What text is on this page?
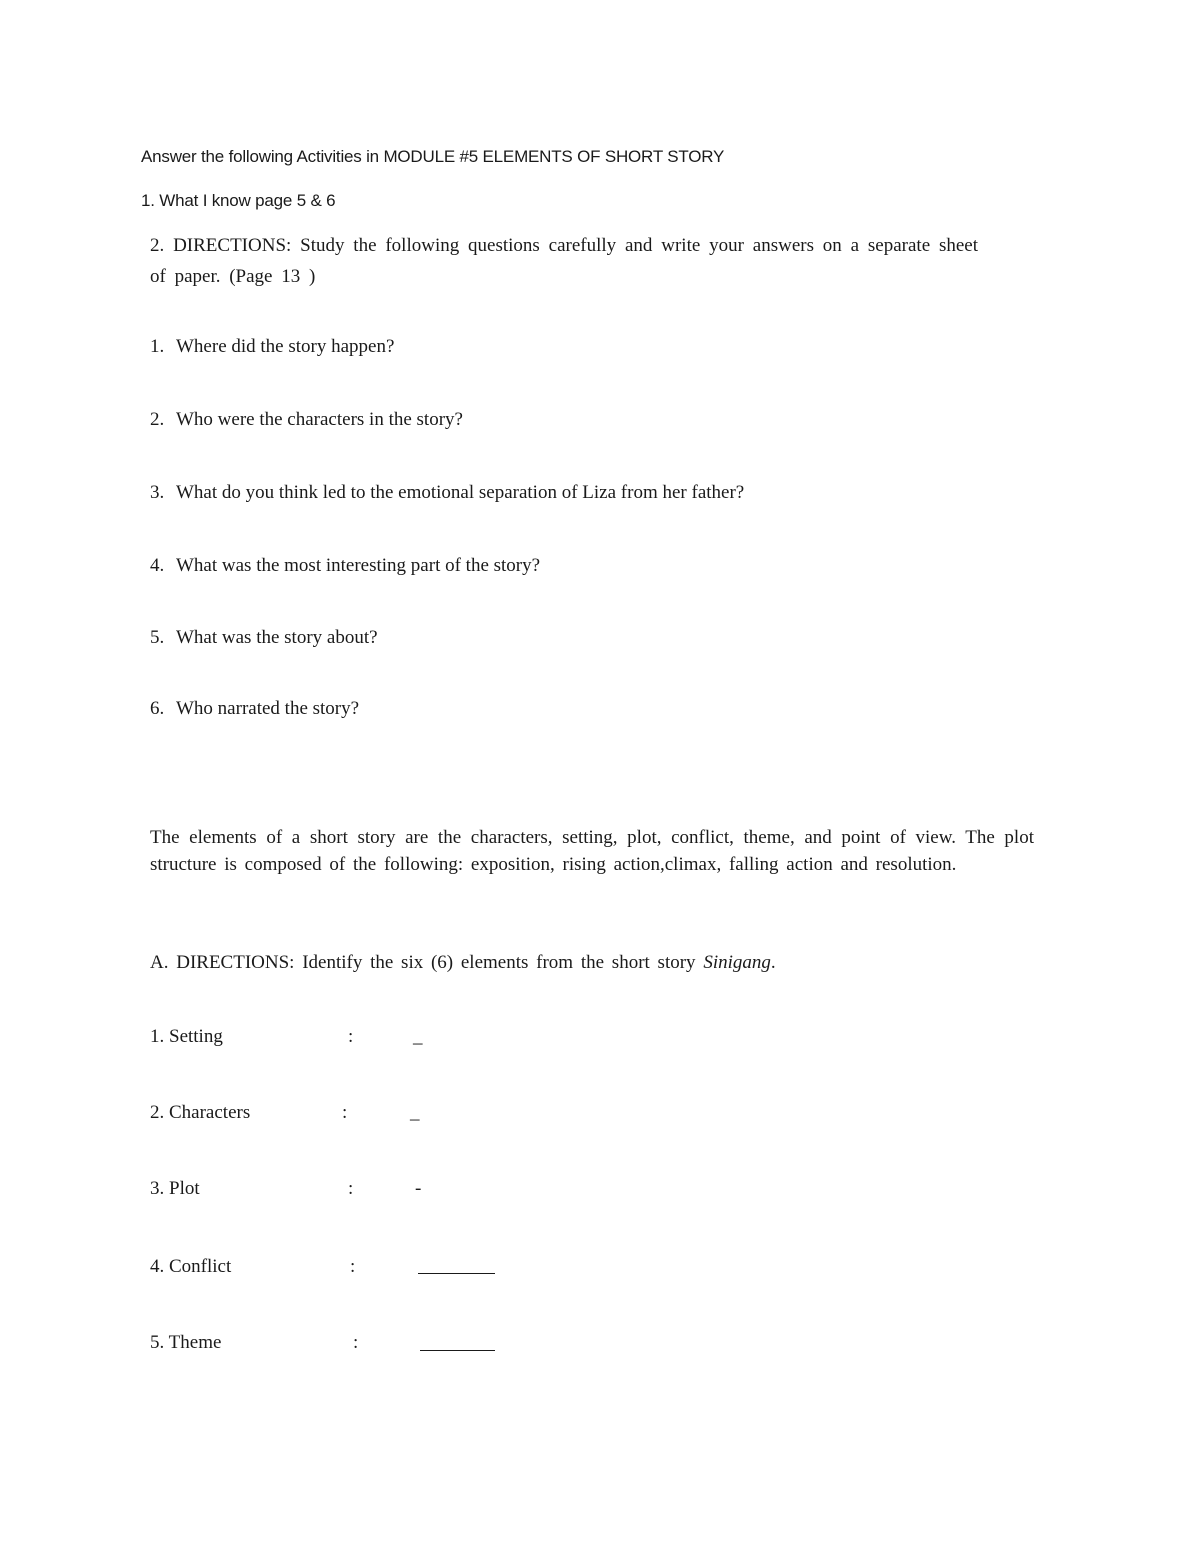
Answer the following Activities in MODULE #5 ELEMENTS OF SHORT STORY
1. What I know page 5 & 6
2. DIRECTIONS: Study the following questions carefully and write your answers on a separate sheet of paper. (Page 13 )
1. Where did the story happen?
2. Who were the characters in the story?
3. What do you think led to the emotional separation of Liza from her father?
4. What was the most interesting part of the story?
5. What was the story about?
6. Who narrated the story?
The elements of a short story are the characters, setting, plot, conflict, theme, and point of view. The plot structure is composed of the following: exposition, rising action,climax, falling action and resolution.
A. DIRECTIONS: Identify the six (6) elements from the short story Sinigang.
1. Setting	:	_
2. Characters	:	_
3. Plot	:	-
4. Conflict	:
5. Theme	:
